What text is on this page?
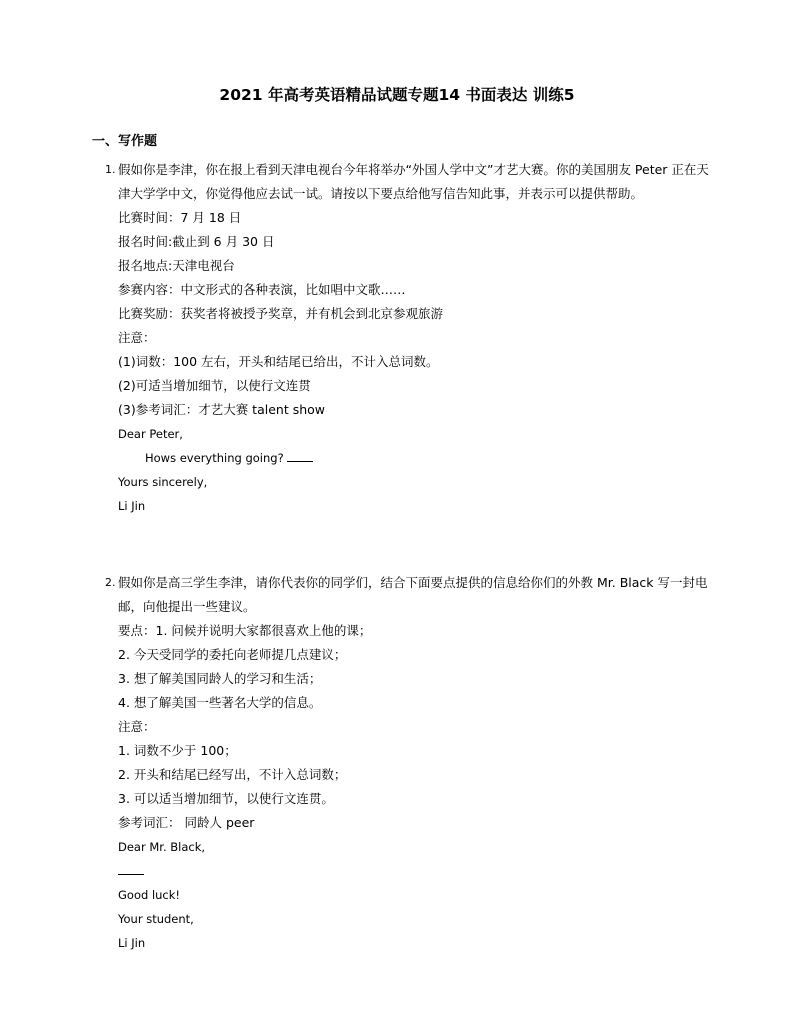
2021 年高考英语精品试题专题14 书面表达 训练5
一、写作题
1. 假如你是李津，你在报上看到天津电视台今年将举办“外国人学中文”才艺大赛。你的美国朋友 Peter 正在天津大学学中文，你觉得他应去试一试。请按以下要点给他写信告知此事，并表示可以提供帮助。

比赛时间：7 月 18 日

报名时间:截止到 6 月 30 日

报名地点:天津电视台

参赛内容：中文形式的各种表演，比如唱中文歌……

比赛奖励：获奖者将被授予奖章，并有机会到北京参观旅游

注意：

(1)词数：100 左右，开头和结尾已给出，不计入总词数。

(2)可适当增加细节，以使行文连贯

(3)参考词汇：才艺大赛 talent show

Dear Peter,

Hows everything going?

Yours sincerely,

Li Jin

2. 假如你是高三学生李津，请你代表你的同学们，结合下面要点提供的信息给你们的外教 Mr. Black 写一封电邮，向他提出一些建议。

要点：1. 问候并说明大家都很喜欢上他的课；

2. 今天受同学的委托向老师提几点建议；

3. 想了解美国同龄人的学习和生活；

4. 想了解美国一些著名大学的信息。

注意：

1. 词数不少于 100；

2. 开头和结尾已经写出，不计入总词数；

3. 可以适当增加细节，以使行文连贯。

参考词汇： 同龄人 peer

Dear Mr. Black,

Good luck!

Your student,

Li Jin
